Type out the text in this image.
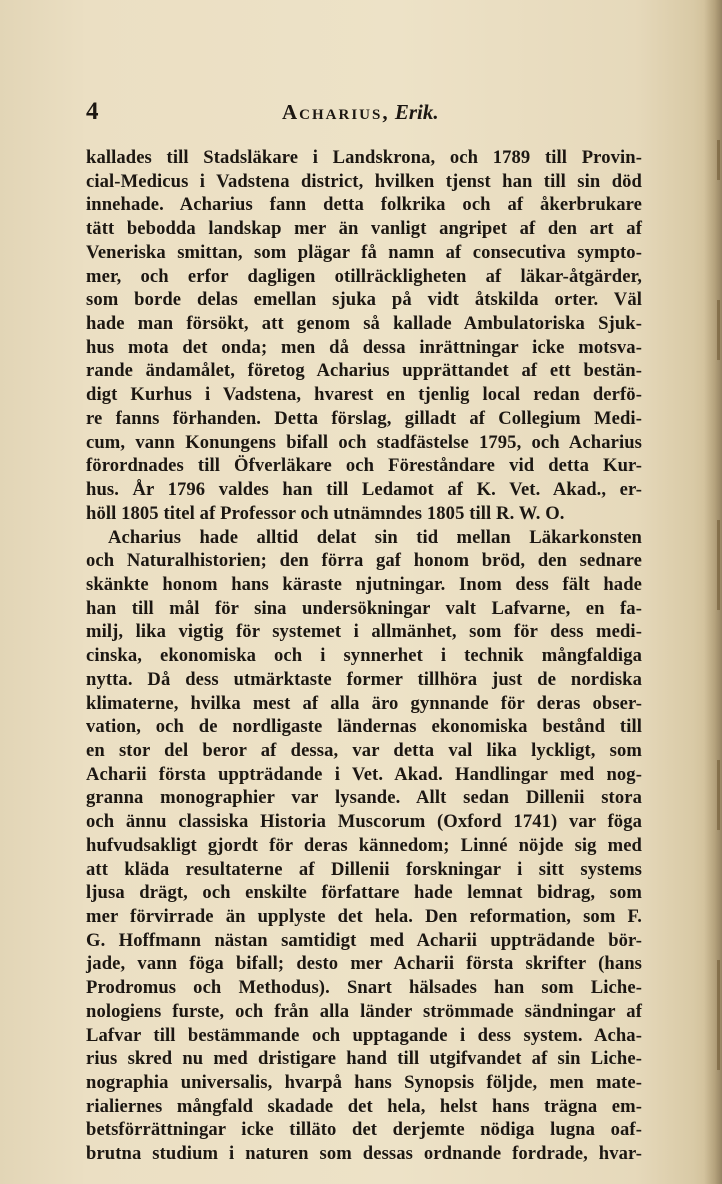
4	Acharius, Erik.
kallades till Stadsläkare i Landskrona, och 1789 till Provin-
cial-Medicus i Vadstena district, hvilken tjenst han till sin död
innehade. Acharius fann detta folkrika och af åkerbrukare
tätt bebodda landskap mer än vanligt angripet af den art af
Veneriska smittan, som plägar få namn af consecutiva sympto-
mer, och erfor dagligen otillräckligheten af läkar-åtgärder,
som borde delas emellan sjuka på vidt åtskilda orter. Väl
hade man försökt, att genom så kallade Ambulatoriska Sjuk-
hus mota det onda; men då dessa inrättningar icke motsva-
rande ändamålet, företog Acharius upprättandet af ett bestän-
digt Kurhus i Vadstena, hvarest en tjenlig local redan derfö-
re fanns förhanden. Detta förslag, gilladt af Collegium Medi-
cum, vann Konungens bifall och stadfästelse 1795, och Acharius
förordnades till Öfverläkare och Föreståndare vid detta Kur-
hus. År 1796 valdes han till Ledamot af K. Vet. Akad., er-
höll 1805 titel af Professor och utnämndes 1805 till R. W. O.
Acharius hade alltid delat sin tid mellan Läkarkonsten
och Naturalhistorien; den förra gaf honom bröd, den sednare
skänkte honom hans käraste njutningar. Inom dess fält hade
han till mål för sina undersökningar valt Lafvarne, en fa-
milj, lika vigtig för systemet i allmänhet, som för dess medi-
cinska, ekonomiska och i synnerhet i technik mångfaldiga
nytta. Då dess utmärktaste former tillhöra just de nordiska
klimaterne, hvilka mest af alla äro gynnande för deras obser-
vation, och de nordligaste ländernas ekonomiska bestånd till
en stor del beror af dessa, var detta val lika lyckligt, som
Acharii första uppträdande i Vet. Akad. Handlingar med nog-
granna monographier var lysande. Allt sedan Dillenii stora
och ännu classiska Historia Muscorum (Oxford 1741) var föga
hufvudsakligt gjordt för deras kännedom; Linné nöjde sig med
att kläda resultaterne af Dillenii forskningar i sitt systems
ljusa drägt, och enskilte författare hade lemnat bidrag, som
mer förvirrade än upplyste det hela. Den reformation, som F.
G. Hoffmann nästan samtidigt med Acharii uppträdande bör-
jade, vann föga bifall; desto mer Acharii första skrifter (hans
Prodromus och Methodus). Snart hälsades han som Liche-
nologiens furste, och från alla länder strömmade sändningar af
Lafvar till bestämmande och upptagande i dess system. Acha-
rius skred nu med dristigare hand till utgifvandet af sin Liche-
nographia universalis, hvarpå hans Synopsis följde, men mate-
rialiernes mångfald skadade det hela, helst hans trägna em-
betsförrättningar icke tilläto det derjemte nödiga lugna oaf-
brutna studium i naturen som dessas ordnande fordrade, hvar-
